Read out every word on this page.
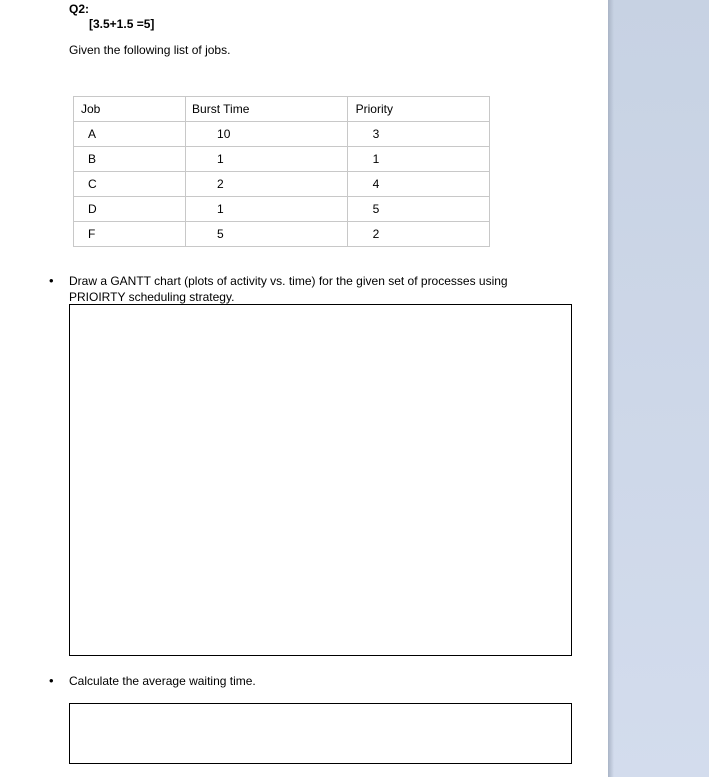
Q2:
[3.5+1.5 =5]
Given the following list of jobs.
Job	Burst Time	Priority
A	10	3
B	1	1
C	2	4
D	1	5
F	5	2
• Draw a GANTT chart (plots of activity vs. time) for the given set of processes using PRIOIRTY scheduling strategy.
• Calculate the average waiting time.
